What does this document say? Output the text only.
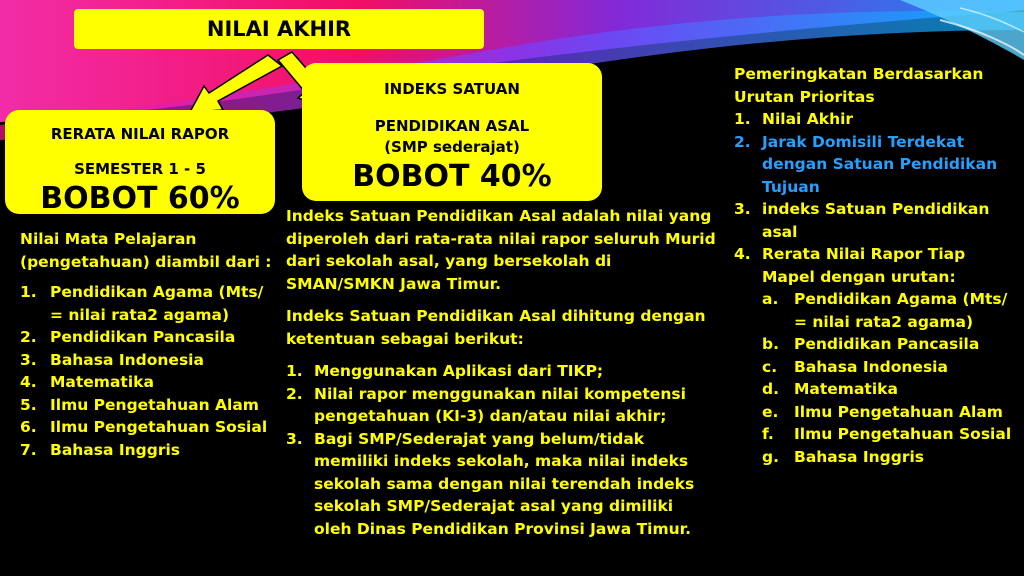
NILAI AKHIR
RERATA NILAI RAPOR
SEMESTER 1 - 5
BOBOT 60%
INDEKS SATUAN
PENDIDIKAN ASAL
(SMP sederajat)
BOBOT 40%
Nilai Mata Pelajaran (pengetahuan) diambil dari :
1. Pendidikan Agama (Mts/ = nilai rata2 agama)
2. Pendidikan Pancasila
3. Bahasa Indonesia
4. Matematika
5. Ilmu Pengetahuan Alam
6. Ilmu Pengetahuan Sosial
7. Bahasa Inggris

Indeks Satuan Pendidikan Asal adalah nilai yang diperoleh dari rata-rata nilai rapor seluruh Murid dari sekolah asal, yang bersekolah di SMAN/SMKN Jawa Timur.

Indeks Satuan Pendidikan Asal dihitung dengan ketentuan sebagai berikut:

1. Menggunakan Aplikasi dari TIKP;
2. Nilai rapor menggunakan nilai kompetensi pengetahuan (KI-3) dan/atau nilai akhir;
3. Bagi SMP/Sederajat yang belum/tidak memiliki indeks sekolah, maka nilai indeks sekolah sama dengan nilai terendah indeks sekolah SMP/Sederajat asal yang dimiliki oleh Dinas Pendidikan Provinsi Jawa Timur.
Pemeringkatan Berdasarkan Urutan Prioritas
1. Nilai Akhir
2. Jarak Domisili Terdekat dengan Satuan Pendidikan Tujuan
3. indeks Satuan Pendidikan asal
4. Rerata Nilai Rapor Tiap Mapel dengan urutan:
a. Pendidikan Agama (Mts/ = nilai rata2 agama)
b. Pendidikan Pancasila
c. Bahasa Indonesia
d. Matematika
e. Ilmu Pengetahuan Alam
f. Ilmu Pengetahuan Sosial
g. Bahasa Inggris
